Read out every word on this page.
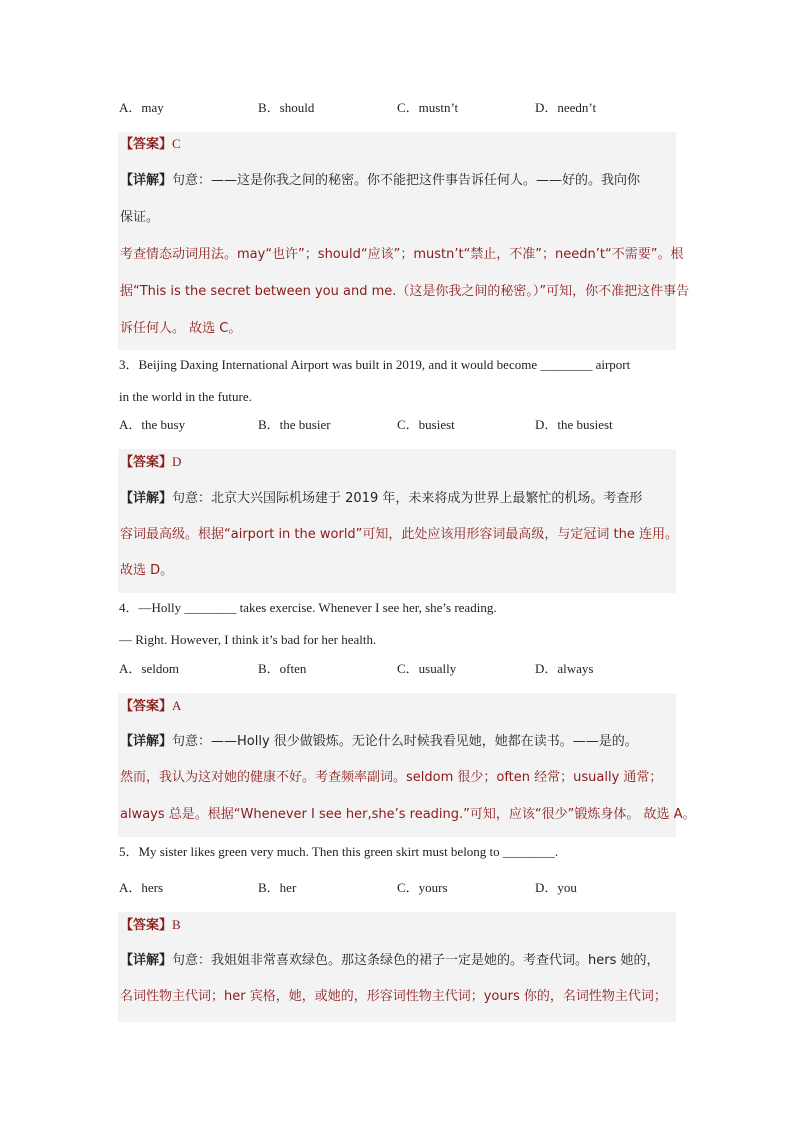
A．may	B．should	C．mustn’t	D．needn’t
【答案】C
【详解】句意：——这是你我之间的秘密。你不能把这件事告诉任何人。——好的。我向你
保证。
考查情态动词用法。may“也许”；should“应该”；mustn’t“禁止，不准”；needn’t“不需要”。根
据“This is the secret between you and me.（这是你我之间的秘密。）”可知，你不准把这件事告
诉任何人。 故选 C。
3．Beijing Daxing International Airport was built in 2019, and it would become ________ airport
in the world in the future.
A．the busy	B．the busier	C．busiest	D．the busiest
【答案】D
【详解】句意：北京大兴国际机场建于 2019 年，未来将成为世界上最繁忙的机场。考查形
容词最高级。根据“airport in the world”可知，此处应该用形容词最高级，与定冠词 the 连用。
故选 D。
4．—Holly ________ takes exercise. Whenever I see her, she’s reading.
— Right. However, I think it’s bad for her health.
A．seldom	B．often	C．usually	D．always
【答案】A
【详解】句意：——Holly 很少做锻炼。无论什么时候我看见她，她都在读书。——是的。
然而，我认为这对她的健康不好。考查频率副词。seldom 很少；often 经常；usually 通常；
always 总是。根据“Whenever I see her,she’s reading.”可知，应该“很少”锻炼身体。 故选 A。
5．My sister likes green very much. Then this green skirt must belong to ________.
A．hers	B．her	C．yours	D．you
【答案】B
【详解】句意：我姐姐非常喜欢绿色。那这条绿色的裙子一定是她的。考查代词。hers 她的，
名词性物主代词；her 宾格，她，或她的，形容词性物主代词；yours 你的，名词性物主代词；
